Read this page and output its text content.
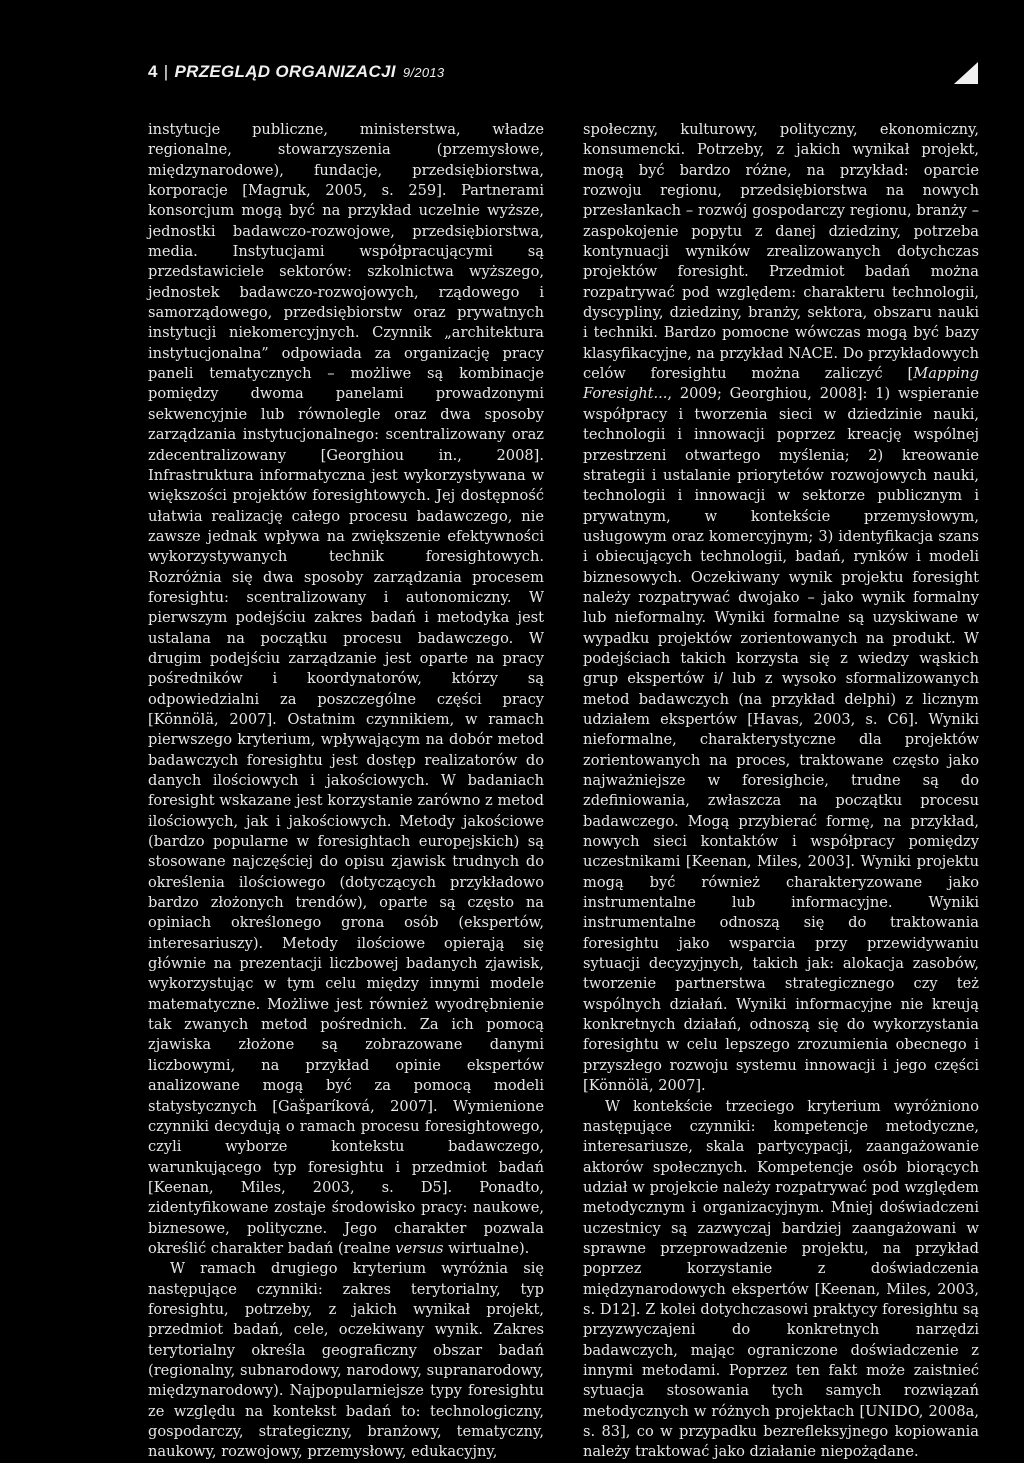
4 | PRZEGLĄD ORGANIZACJI 9/2013

instytucje publiczne, ministerstwa, władze regionalne, stowarzyszenia (przemysłowe, międzynarodowe), fundacje, przedsiębiorstwa, korporacje [Magruk, 2005, s. 259]. Partnerami konsorcjum mogą być na przykład uczelnie wyższe, jednostki badawczo-rozwojowe, przedsiębiorstwa, media. Instytucjami współpracującymi są przedstawiciele sektorów: szkolnictwa wyższego, jednostek badawczo-rozwojowych, rządowego i samorządowego, przedsiębiorstw oraz prywatnych instytucji niekomercyjnych. Czynnik „architektura instytucjonalna” odpowiada za organizację pracy paneli tematycznych – możliwe są kombinacje pomiędzy dwoma panelami prowadzonymi sekwencyjnie lub równolegle oraz dwa sposoby zarządzania instytucjonalnego: scentralizowany oraz zdecentralizowany [Georghiou in., 2008]. Infrastruktura informatyczna jest wykorzystywana w większości projektów foresightowych. Jej dostępność ułatwia realizację całego procesu badawczego, nie zawsze jednak wpływa na zwiększenie efektywności wykorzystywanych technik foresightowych. Rozróżnia się dwa sposoby zarządzania procesem foresightu: scentralizowany i autonomiczny. W pierwszym podejściu zakres badań i metodyka jest ustalana na początku procesu badawczego. W drugim podejściu zarządzanie jest oparte na pracy pośredników i koordynatorów, którzy są odpowiedzialni za poszczególne części pracy [Könnölä, 2007]. Ostatnim czynnikiem, w ramach pierwszego kryterium, wpływającym na dobór metod badawczych foresightu jest dostęp realizatorów do danych ilościowych i jakościowych. W badaniach foresight wskazane jest korzystanie zarówno z metod ilościowych, jak i jakościowych. Metody jakościowe (bardzo popularne w foresightach europejskich) są stosowane najczęściej do opisu zjawisk trudnych do określenia ilościowego (dotyczących przykładowo bardzo złożonych trendów), oparte są często na opiniach określonego grona osób (ekspertów, interesariuszy). Metody ilościowe opierają się głównie na prezentacji liczbowej badanych zjawisk, wykorzystując w tym celu między innymi modele matematyczne. Możliwe jest również wyodrębnienie tak zwanych metod pośrednich. Za ich pomocą zjawiska złożone są zobrazowane danymi liczbowymi, na przykład opinie ekspertów analizowane mogą być za pomocą modeli statystycznych [Gašparíková, 2007]. Wymienione czynniki decydują o ramach procesu foresightowego, czyli wyborze kontekstu badawczego, warunkującego typ foresightu i przedmiot badań [Keenan, Miles, 2003, s. D5]. Ponadto, zidentyfikowane zostaje środowisko pracy: naukowe, biznesowe, polityczne. Jego charakter pozwala określić charakter badań (realne versus wirtualne).

W ramach drugiego kryterium wyróżnia się następujące czynniki: zakres terytorialny, typ foresightu, potrzeby, z jakich wynikał projekt, przedmiot badań, cele, oczekiwany wynik. Zakres terytorialny określa geograficzny obszar badań (regionalny, subnarodowy, narodowy, supranarodowy, międzynarodowy). Najpopularniejsze typy foresightu ze względu na kontekst badań to: technologiczny, gospodarczy, strategiczny, branżowy, tematyczny, naukowy, rozwojowy, przemysłowy, edukacyjny,

społeczny, kulturowy, polityczny, ekonomiczny, konsumencki. Potrzeby, z jakich wynikał projekt, mogą być bardzo różne, na przykład: oparcie rozwoju regionu, przedsiębiorstwa na nowych przesłankach – rozwój gospodarczy regionu, branży – zaspokojenie popytu z danej dziedziny, potrzeba kontynuacji wyników zrealizowanych dotychczas projektów foresight. Przedmiot badań można rozpatrywać pod względem: charakteru technologii, dyscypliny, dziedziny, branży, sektora, obszaru nauki i techniki. Bardzo pomocne wówczas mogą być bazy klasyfikacyjne, na przykład NACE. Do przykładowych celów foresightu można zaliczyć [Mapping Foresight..., 2009; Georghiou, 2008]: 1) wspieranie współpracy i tworzenia sieci w dziedzinie nauki, technologii i innowacji poprzez kreację wspólnej przestrzeni otwartego myślenia; 2) kreowanie strategii i ustalanie priorytetów rozwojowych nauki, technologii i innowacji w sektorze publicznym i prywatnym, w kontekście przemysłowym, usługowym oraz komercyjnym; 3) identyfikacja szans i obiecujących technologii, badań, rynków i modeli biznesowych. Oczekiwany wynik projektu foresight należy rozpatrywać dwojako – jako wynik formalny lub nieformalny. Wyniki formalne są uzyskiwane w wypadku projektów zorientowanych na produkt. W podejściach takich korzysta się z wiedzy wąskich grup ekspertów i/ lub z wysoko sformalizowanych metod badawczych (na przykład delphi) z licznym udziałem ekspertów [Havas, 2003, s. C6]. Wyniki nieformalne, charakterystyczne dla projektów zorientowanych na proces, traktowane często jako najważniejsze w foresighcie, trudne są do zdefiniowania, zwłaszcza na początku procesu badawczego. Mogą przybierać formę, na przykład, nowych sieci kontaktów i współpracy pomiędzy uczestnikami [Keenan, Miles, 2003]. Wyniki projektu mogą być również charakteryzowane jako instrumentalne lub informacyjne. Wyniki instrumentalne odnoszą się do traktowania foresightu jako wsparcia przy przewidywaniu sytuacji decyzyjnych, takich jak: alokacja zasobów, tworzenie partnerstwa strategicznego czy też wspólnych działań. Wyniki informacyjne nie kreują konkretnych działań, odnoszą się do wykorzystania foresightu w celu lepszego zrozumienia obecnego i przyszłego rozwoju systemu innowacji i jego części [Könnölä, 2007].

W kontekście trzeciego kryterium wyróżniono następujące czynniki: kompetencje metodyczne, interesariusze, skala partycypacji, zaangażowanie aktorów społecznych. Kompetencje osób biorących udział w projekcie należy rozpatrywać pod względem metodycznym i organizacyjnym. Mniej doświadczeni uczestnicy są zazwyczaj bardziej zaangażowani w sprawne przeprowadzenie projektu, na przykład poprzez korzystanie z doświadczenia międzynarodowych ekspertów [Keenan, Miles, 2003, s. D12]. Z kolei dotychczasowi praktycy foresightu są przyzwyczajeni do konkretnych narzędzi badawczych, mając ograniczone doświadczenie z innymi metodami. Poprzez ten fakt może zaistnieć sytuacja stosowania tych samych rozwiązań metodycznych w różnych projektach [UNIDO, 2008a, s. 83], co w przypadku bezrefleksyjnego kopiowania należy traktować jako działanie niepożądane.
